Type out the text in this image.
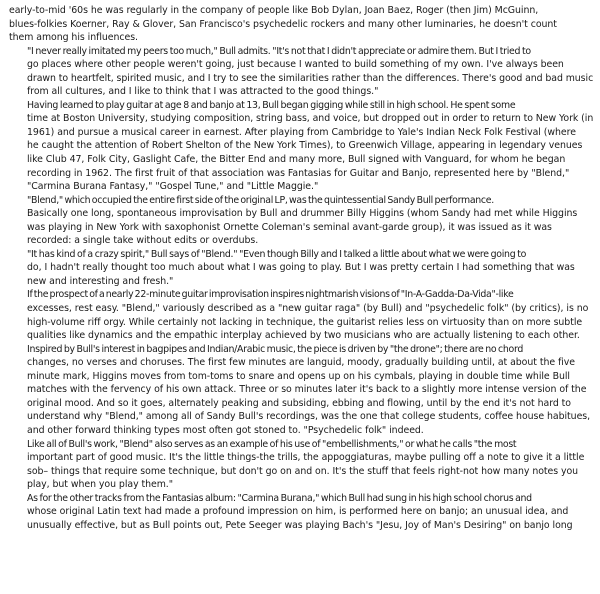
early-to-mid '60s he was regularly in the company of people like Bob Dylan, Joan Baez, Roger (then Jim) McGuinn,
blues-folkies Koerner, Ray & Glover, San Francisco's psychedelic rockers and many other luminaries, he doesn't count
them among his influences.

"I never really imitated my peers too much," Bull admits. "It's not that I didn't appreciate or admire them. But I tried to
go places where other people weren't going, just because I wanted to build something of my own. I've always been
drawn to heartfelt, spirited music, and I try to see the similarities rather than the differences. There's good and bad music
from all cultures, and I like to think that I was attracted to the good things."

Having learned to play guitar at age 8 and banjo at 13, Bull began gigging while still in high school. He spent some
time at Boston University, studying composition, string bass, and voice, but dropped out in order to return to New York (in
1961) and pursue a musical career in earnest. After playing from Cambridge to Yale's Indian Neck Folk Festival (where
he caught the attention of Robert Shelton of the New York Times), to Greenwich Village, appearing in legendary venues
like Club 47, Folk City, Gaslight Cafe, the Bitter End and many more, Bull signed with Vanguard, for whom he began
recording in 1962. The first fruit of that association was Fantasias for Guitar and Banjo, represented here by "Blend,"
"Carmina Burana Fantasy," "Gospel Tune," and "Little Maggie."

"Blend," which occupied the entire first side of the original LP, was the quintessential Sandy Bull performance.
Basically one long, spontaneous improvisation by Bull and drummer Billy Higgins (whom Sandy had met while Higgins
was playing in New York with saxophonist Ornette Coleman's seminal avant-garde group), it was issued as it was
recorded: a single take without edits or overdubs.

"It has kind of a crazy spirit," Bull says of "Blend." "Even though Billy and I talked a little about what we were going to
do, I hadn't really thought too much about what I was going to play. But I was pretty certain I had something that was
new and interesting and fresh."

If the prospect of a nearly 22-minute guitar improvisation inspires nightmarish visions of "In-A-Gadda-Da-Vida"-like
excesses, rest easy. "Blend," variously described as a "new guitar raga" (by Bull) and "psychedelic folk" (by critics), is no
high-volume riff orgy. While certainly not lacking in technique, the guitarist relies less on virtuosity than on more subtle
qualities like dynamics and the empathic interplay achieved by two musicians who are actually listening to each other.

Inspired by Bull's interest in bagpipes and Indian/Arabic music, the piece is driven by "the drone"; there are no chord
changes, no verses and choruses. The first few minutes are languid, moody, gradually building until, at about the five
minute mark, Higgins moves from tom-toms to snare and opens up on his cymbals, playing in double time while Bull
matches with the fervency of his own attack. Three or so minutes later it's back to a slightly more intense version of the
original mood. And so it goes, alternately peaking and subsiding, ebbing and flowing, until by the end it's not hard to
understand why "Blend," among all of Sandy Bull's recordings, was the one that college students, coffee house habitues,
and other forward thinking types most often got stoned to. "Psychedelic folk" indeed.

Like all of Bull's work, "Blend" also serves as an example of his use of "embellishments," or what he calls "the most
important part of good music. It's the little things-the trills, the appoggiaturas, maybe pulling off a note to give it a little
sob– things that require some technique, but don't go on and on. It's the stuff that feels right-not how many notes you
play, but when you play them."

As for the other tracks from the Fantasias album: "Carmina Burana," which Bull had sung in his high school chorus and
whose original Latin text had made a profound impression on him, is performed here on banjo; an unusual idea, and
unusually effective, but as Bull points out, Pete Seeger was playing Bach's "Jesu, Joy of Man's Desiring" on banjo long
